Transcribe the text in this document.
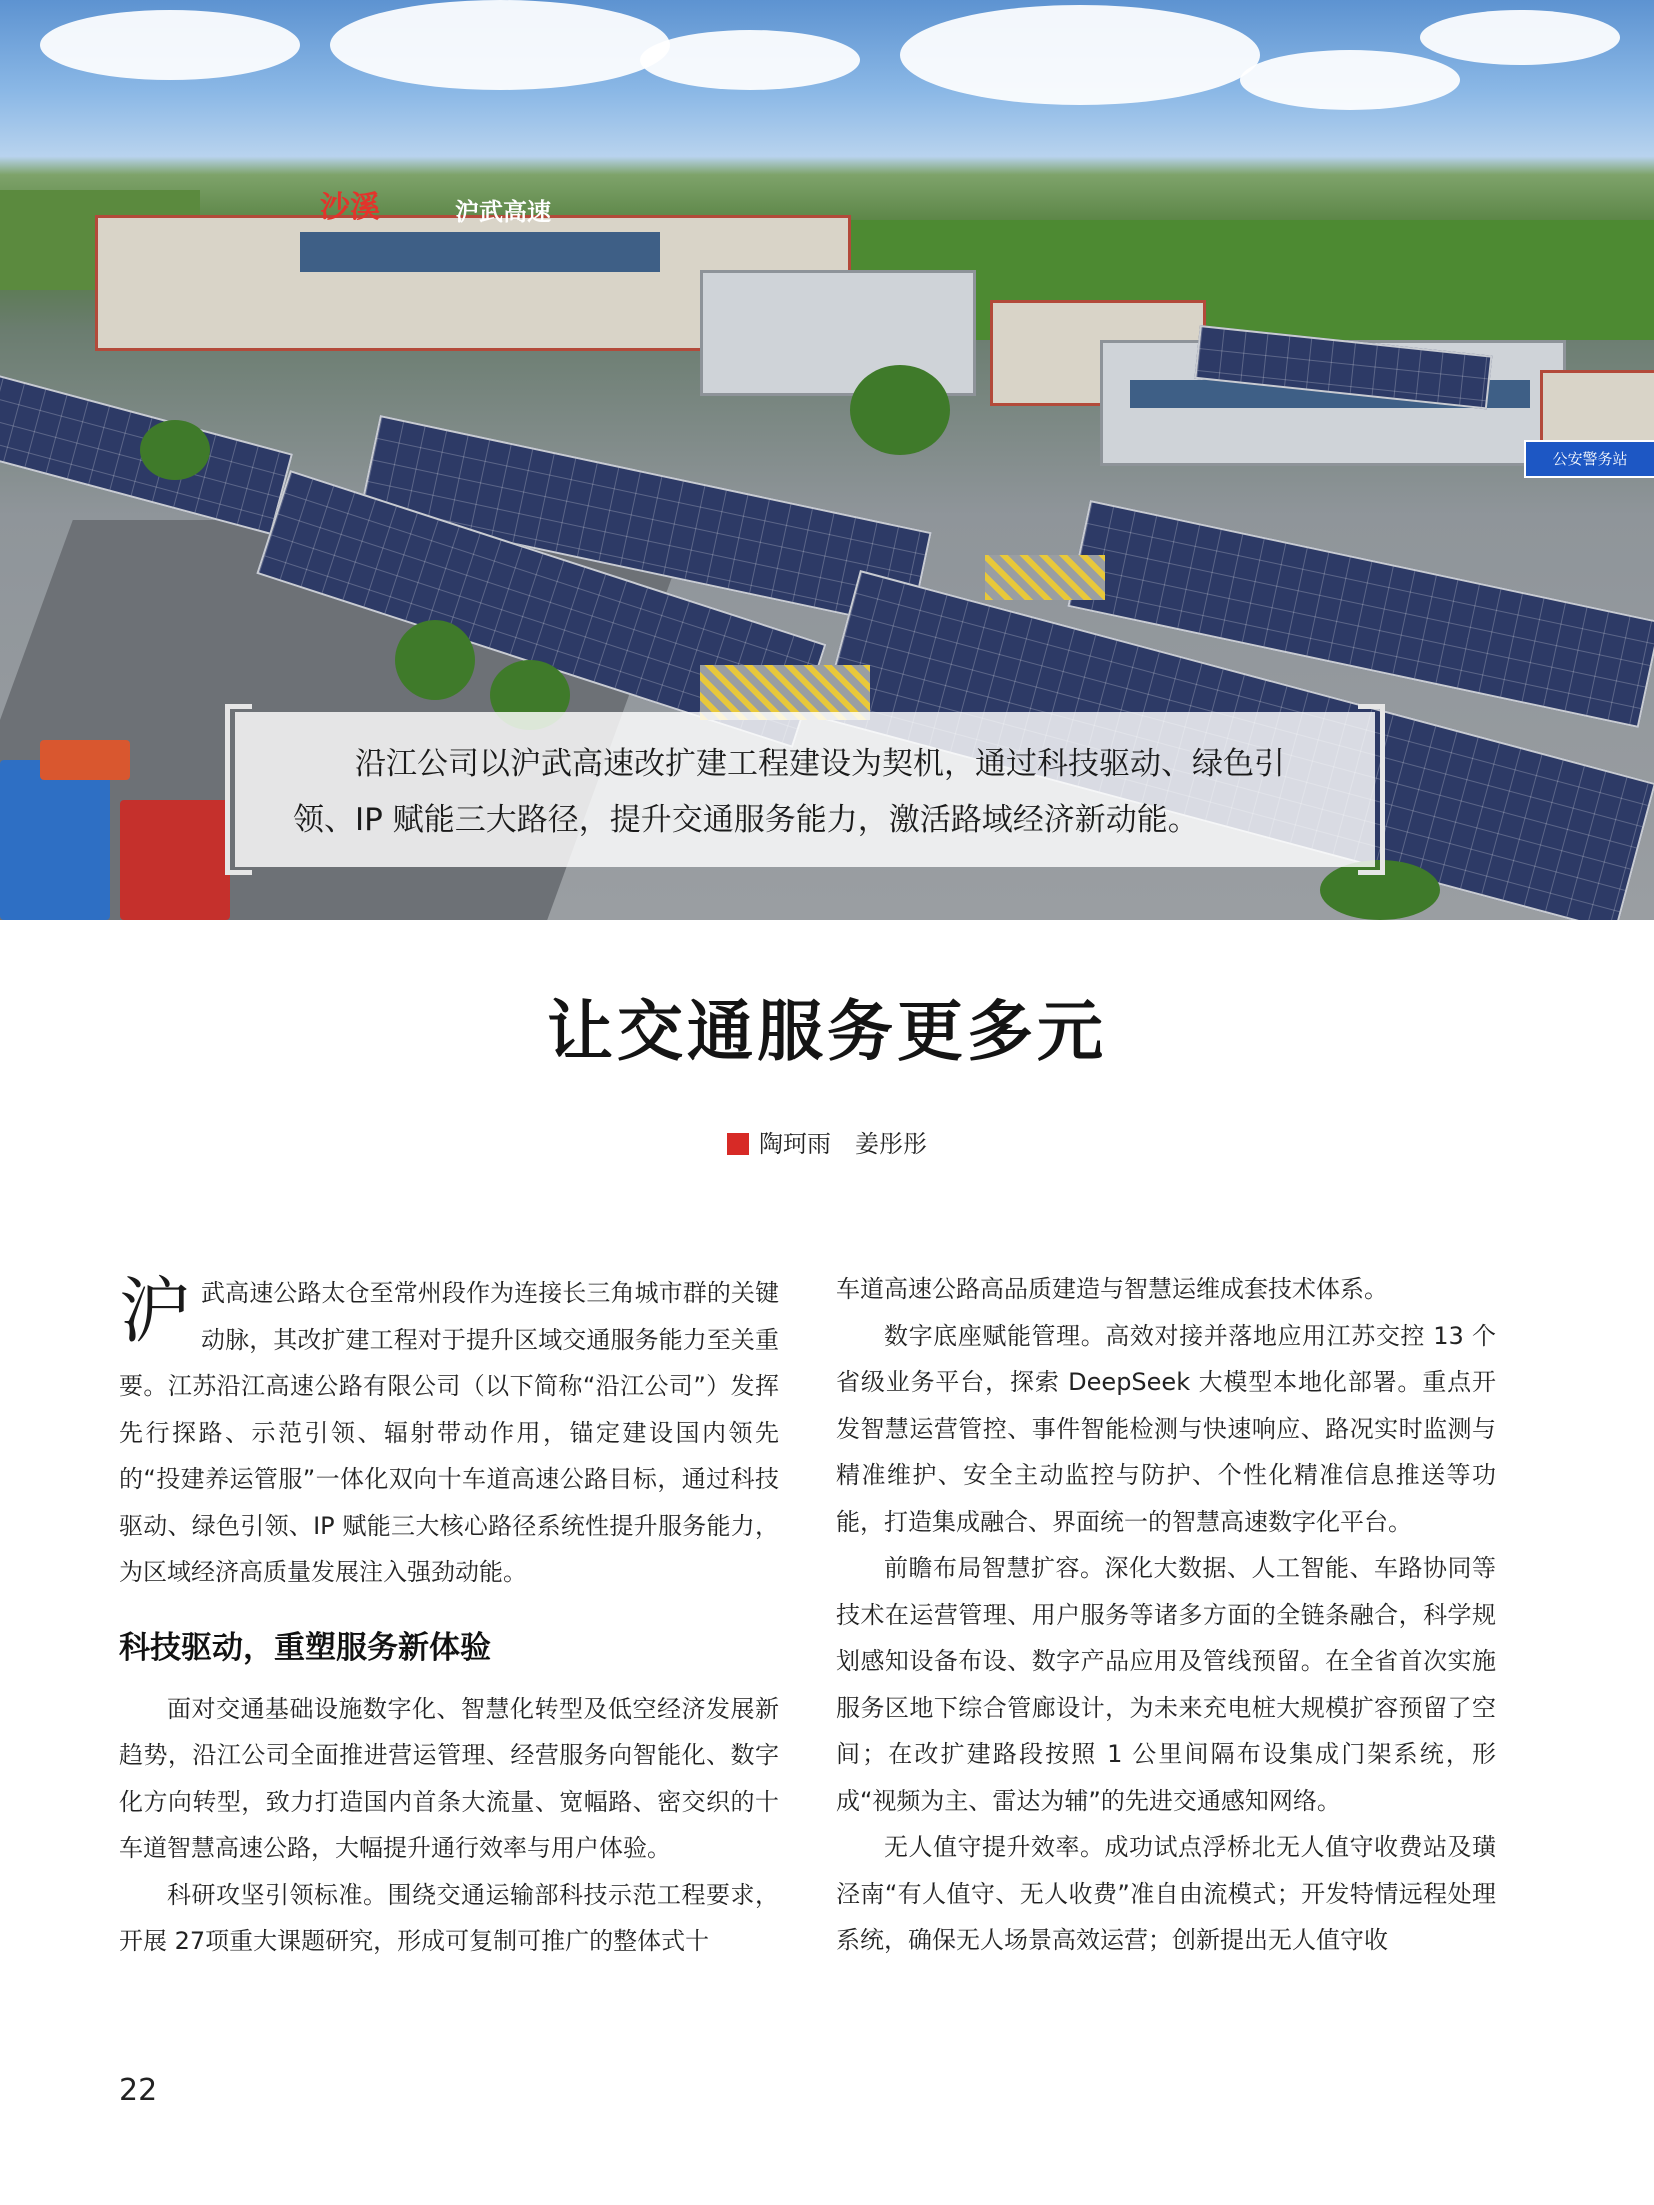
沙溪	沪武高速
公安警务站

沿江公司以沪武高速改扩建工程建设为契机，通过科技驱动、绿色引领、IP 赋能三大路径，提升交通服务能力，激活路域经济新动能。

让交通服务更多元
陶珂雨　姜彤彤

沪武高速公路太仓至常州段作为连接长三角城市群的关键动脉，其改扩建工程对于提升区域交通服务能力至关重要。江苏沿江高速公路有限公司（以下简称“沿江公司”）发挥先行探路、示范引领、辐射带动作用，锚定建设国内领先的“投建养运管服”一体化双向十车道高速公路目标，通过科技驱动、绿色引领、IP 赋能三大核心路径系统性提升服务能力，为区域经济高质量发展注入强劲动能。

科技驱动，重塑服务新体验

面对交通基础设施数字化、智慧化转型及低空经济发展新趋势，沿江公司全面推进营运管理、经营服务向智能化、数字化方向转型，致力打造国内首条大流量、宽幅路、密交织的十车道智慧高速公路，大幅提升通行效率与用户体验。

科研攻坚引领标准。围绕交通运输部科技示范工程要求，开展 27项重大课题研究，形成可复制可推广的整体式十

车道高速公路高品质建造与智慧运维成套技术体系。

数字底座赋能管理。高效对接并落地应用江苏交控 13 个省级业务平台，探索 DeepSeek 大模型本地化部署。重点开发智慧运营管控、事件智能检测与快速响应、路况实时监测与精准维护、安全主动监控与防护、个性化精准信息推送等功能，打造集成融合、界面统一的智慧高速数字化平台。

前瞻布局智慧扩容。深化大数据、人工智能、车路协同等技术在运营管理、用户服务等诸多方面的全链条融合，科学规划感知设备布设、数字产品应用及管线预留。在全省首次实施服务区地下综合管廊设计，为未来充电桩大规模扩容预留了空间；在改扩建路段按照 1 公里间隔布设集成门架系统，形成“视频为主、雷达为辅”的先进交通感知网络。

无人值守提升效率。成功试点浮桥北无人值守收费站及璜泾南“有人值守、无人收费”准自由流模式；开发特情远程处理系统，确保无人场景高效运营；创新提出无人值守收

22
